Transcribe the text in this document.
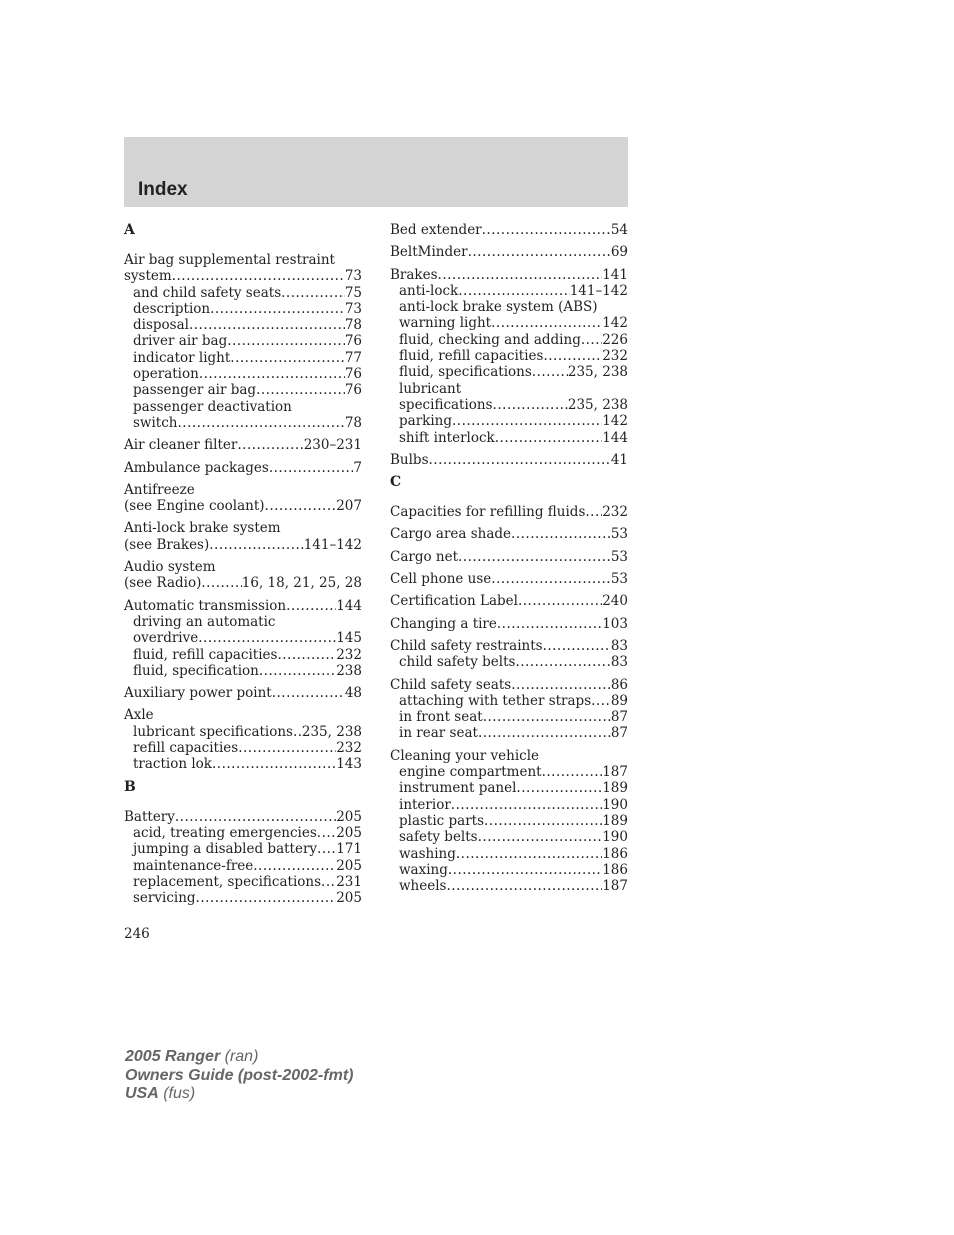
Index
A
Air bag supplemental restraint
system .....	73
and child safety seats .....	75
description .....	73
disposal .....	78
driver air bag .....	76
indicator light .....	77
operation .....	76
passenger air bag .....	76
passenger deactivation
switch .....	78
Air cleaner filter .....	230–231
Ambulance packages .....	7
Antifreeze
(see Engine coolant) .....	207
Anti-lock brake system
(see Brakes) .....	141–142
Audio system
(see Radio) .....	16, 18, 21, 25, 28
Automatic transmission .....	144
driving an automatic
overdrive .....	145
fluid, refill capacities .....	232
fluid, specification .....	238
Auxiliary power point .....	48
Axle
lubricant specifications ..... 235, 238
refill capacities .....	232
traction lok .....	143
B
Battery .....	205
acid, treating emergencies ..... 205
jumping a disabled battery ..... 171
maintenance-free .....	205
replacement, specifications ..... 231
servicing .....	205
Bed extender .....	54
BeltMinder .....	69
Brakes .....	141
anti-lock .....	141–142
anti-lock brake system (ABS)
warning light .....	142
fluid, checking and adding ..... 226
fluid, refill capacities .....	232
fluid, specifications .....	235, 238
lubricant
specifications .....	235, 238
parking .....	142
shift interlock .....	144
Bulbs .....	41
C
Capacities for refilling fluids ..... 232
Cargo area shade .....	53
Cargo net .....	53
Cell phone use .....	53
Certification Label .....	240
Changing a tire .....	103
Child safety restraints .....	83
child safety belts .....	83
Child safety seats .....	86
attaching with tether straps ..... 89
in front seat .....	87
in rear seat .....	87
Cleaning your vehicle
engine compartment .....	187
instrument panel .....	189
interior .....	190
plastic parts .....	189
safety belts .....	190
washing .....	186
waxing .....	186
wheels .....	187
246
2005 Ranger (ran)
Owners Guide (post-2002-fmt)
USA (fus)
